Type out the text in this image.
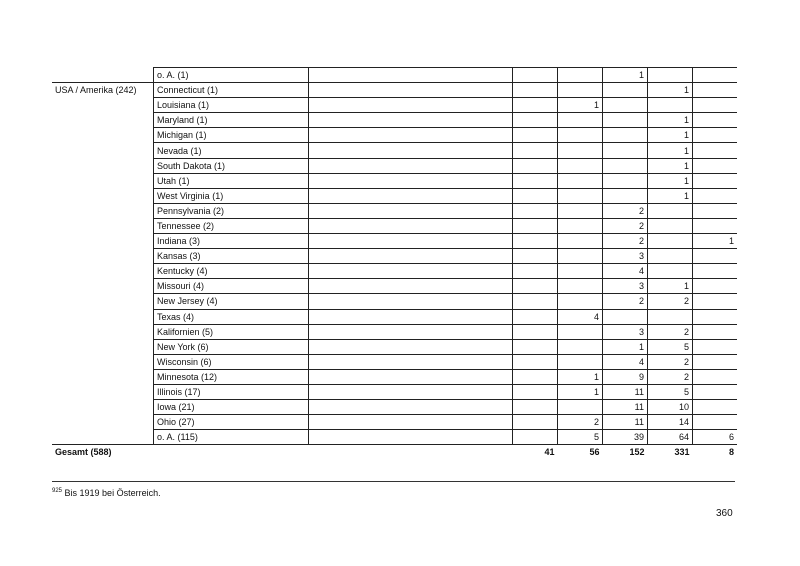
	o. A. (1)				1		
USA / Amerika (242)	Connecticut (1)					1	
	Louisiana (1)			1			
	Maryland (1)					1	
	Michigan (1)					1	
	Nevada (1)					1	
	South Dakota (1)					1	
	Utah (1)					1	
	West Virginia (1)					1	
	Pennsylvania (2)				2		
	Tennessee (2)				2		
	Indiana (3)				2		1
	Kansas (3)				3		
	Kentucky (4)				4		
	Missouri (4)				3	1	
	New Jersey (4)				2	2	
	Texas (4)			4			
	Kalifornien (5)				3	2	
	New York (6)				1	5	
	Wisconsin (6)				4	2	
	Minnesota (12)			1	9	2	
	Illinois (17)			1	11	5	
	Iowa (21)				11	10	
	Ohio (27)			2	11	14	
	o. A. (115)			5	39	64	6
Gesamt (588)			41	56	152	331	8
$^{925}$ Bis 1919 bei Österreich.
360
